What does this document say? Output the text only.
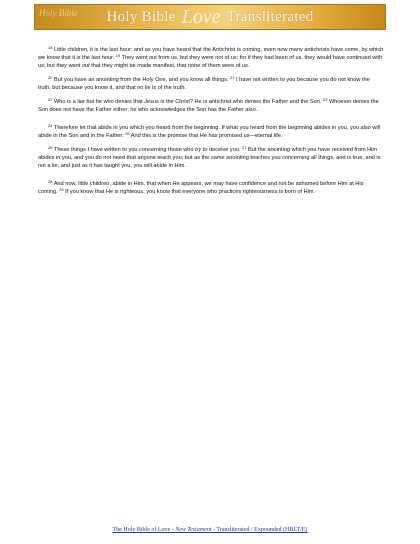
Holy Bible Holy Bible Love Transliterated

$^{18}$ Little children, it is the last hour; and as you have heard that the Antichrist is coming, even now many antichrists have come, by which we know that it is the last hour. $^{19}$ They went out from us, but they were not of us; for if they had been of us, they would have continued with us; but they went out that they might be made manifest, that none of them were of us.

$^{20}$ But you have an anointing from the Holy One, and you know all things. $^{21}$ I have not written to you because you do not know the truth, but because you know it, and that no lie is of the truth.

$^{22}$ Who is a liar but he who denies that Jesus is the Christ? He is antichrist who denies the Father and the Son. $^{23}$ Whoever denies the Son does not have the Father either; he who acknowledges the Son has the Father also.

$^{24}$ Therefore let that abide in you which you heard from the beginning. If what you heard from the beginning abides in you, you also will abide in the Son and in the Father. $^{25}$ And this is the promise that He has promised us—eternal life.

$^{26}$ These things I have written to you concerning those who try to deceive you. $^{27}$ But the anointing which you have received from Him abides in you, and you do not need that anyone teach you; but as the same anointing teaches you concerning all things, and is true, and is not a lie, and just as it has taught you, you will abide in Him.

$^{28}$ And now, little children, abide in Him, that when He appears, we may have confidence and not be ashamed before Him at His coming. $^{29}$ If you know that He is righteous, you know that everyone who practices righteousness is born of Him.

The Holy Bible of Love - New Testament - Transliterated / Expounded (HBLT/E)
